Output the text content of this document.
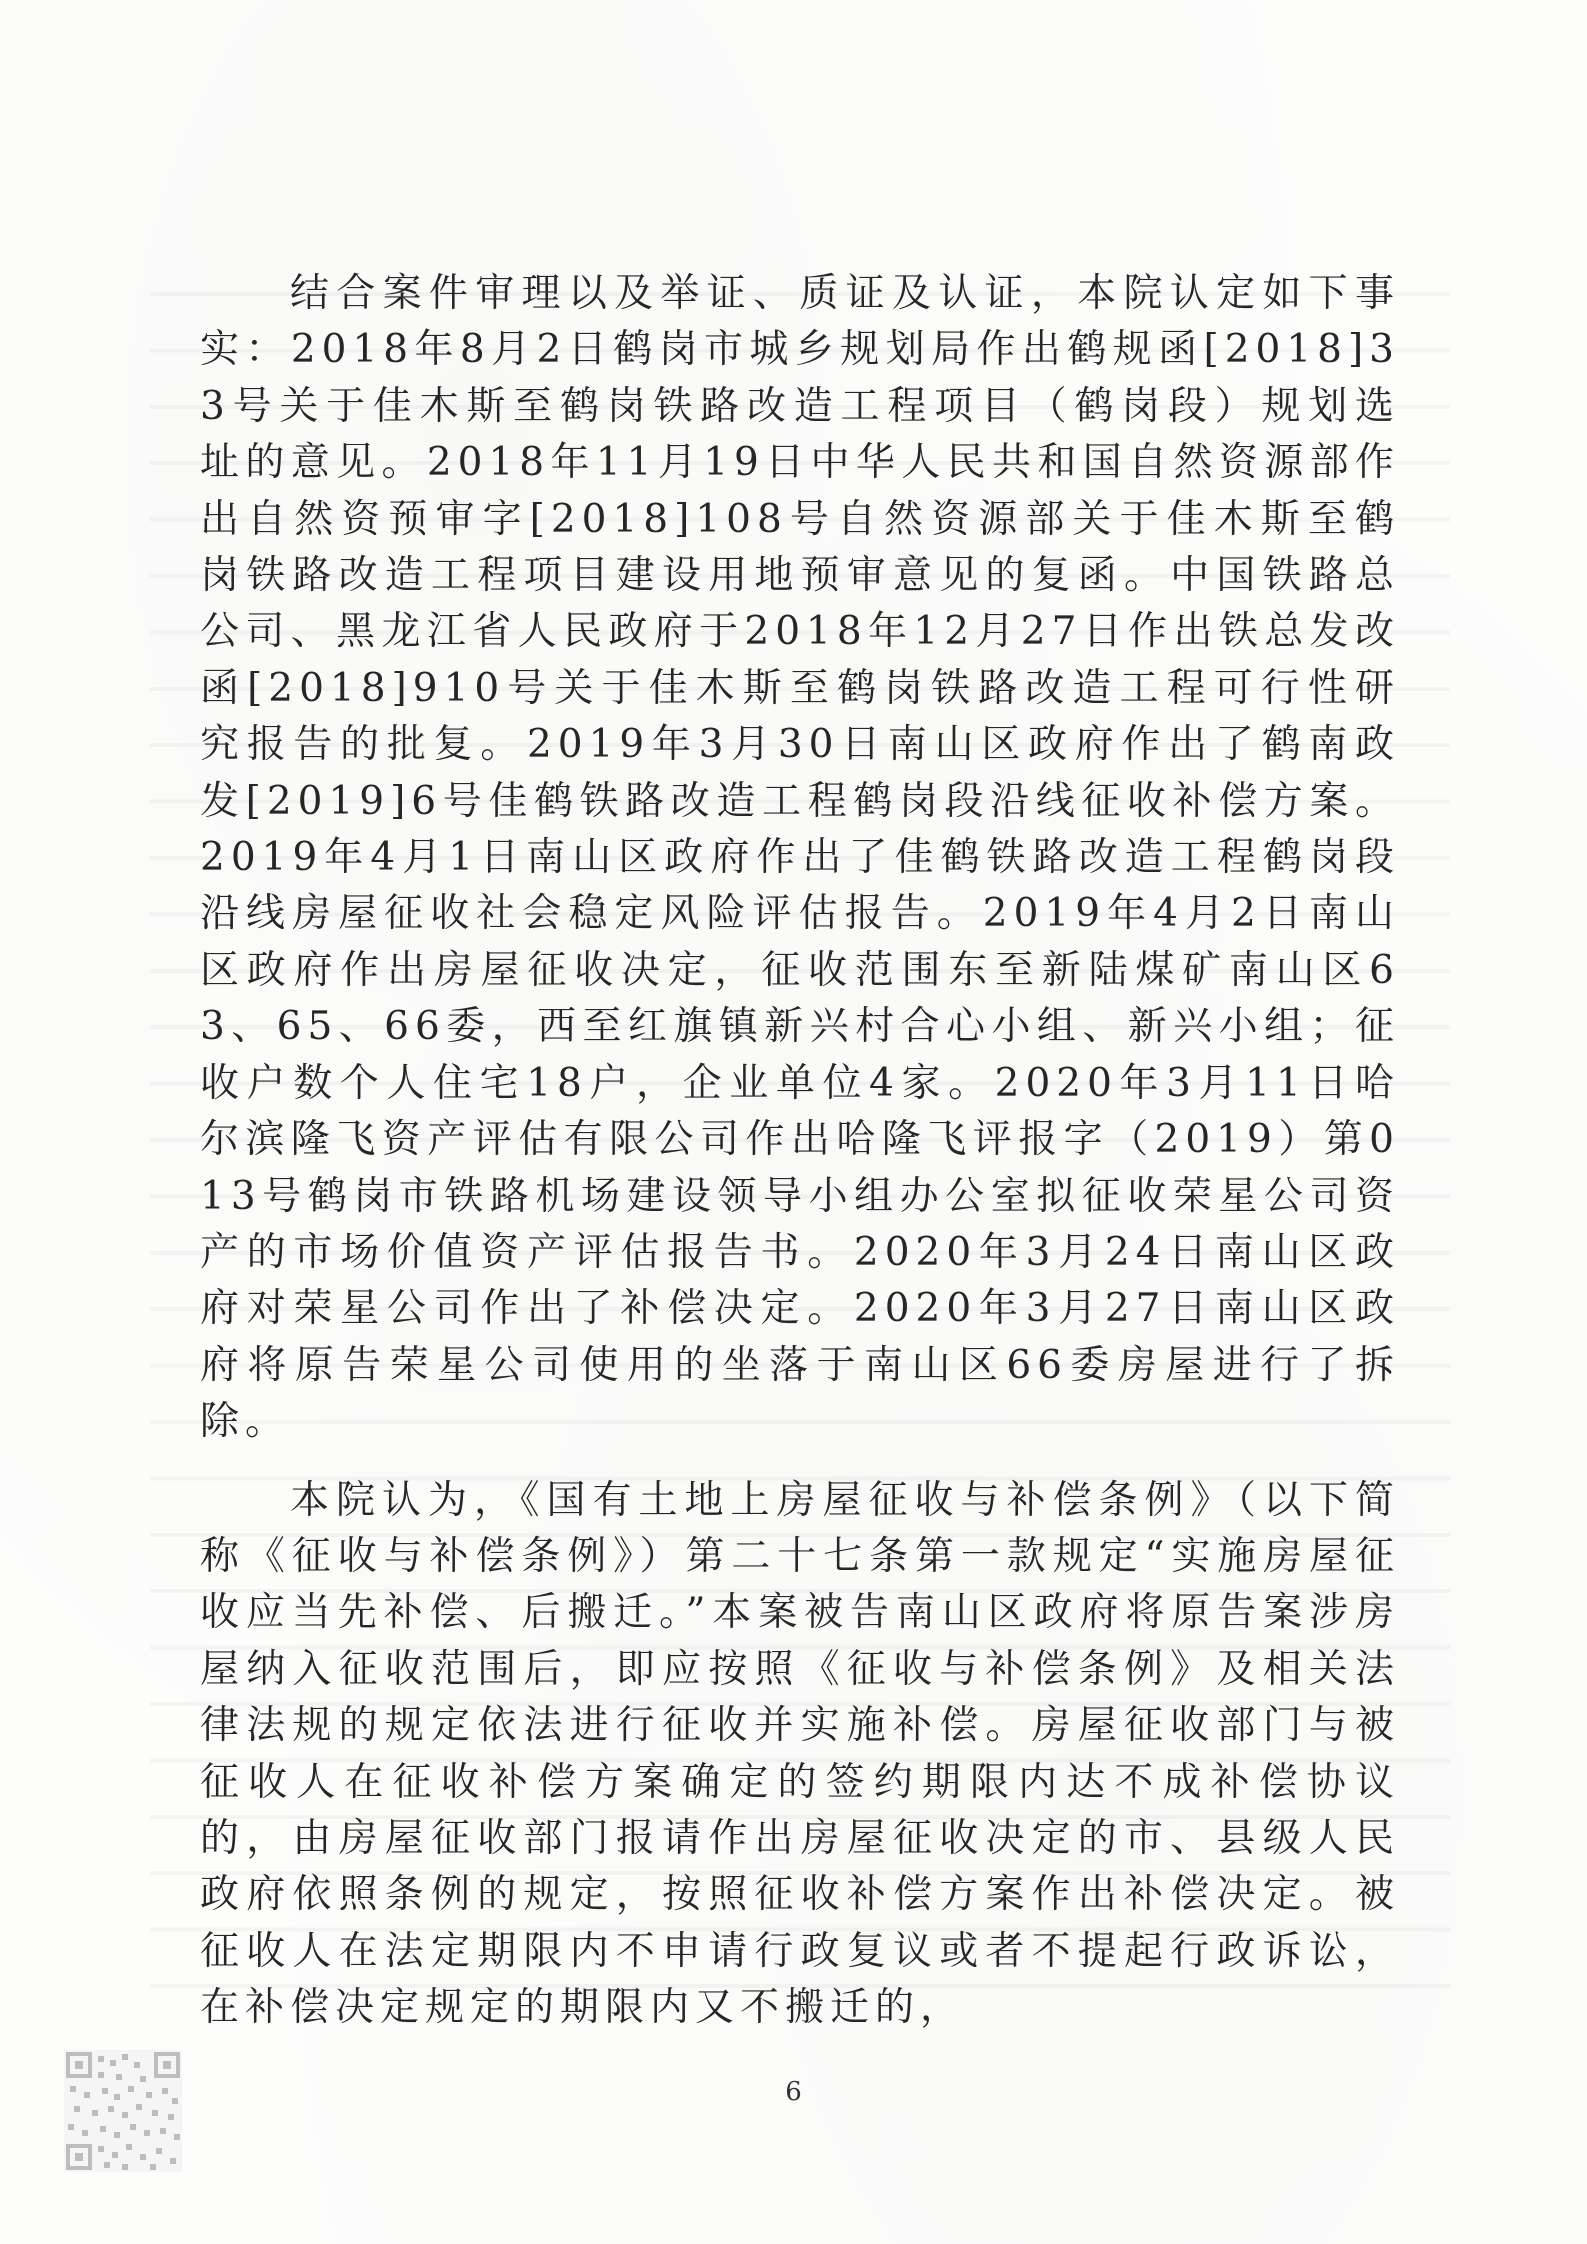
结合案件审理以及举证、质证及认证，本院认定如下事实：2018年8月2日鹤岗市城乡规划局作出鹤规函[2018]33号关于佳木斯至鹤岗铁路改造工程项目（鹤岗段）规划选址的意见。2018年11月19日中华人民共和国自然资源部作出自然资预审字[2018]108号自然资源部关于佳木斯至鹤岗铁路改造工程项目建设用地预审意见的复函。中国铁路总公司、黑龙江省人民政府于2018年12月27日作出铁总发改函[2018]910号关于佳木斯至鹤岗铁路改造工程可行性研究报告的批复。2019年3月30日南山区政府作出了鹤南政发[2019]6号佳鹤铁路改造工程鹤岗段沿线征收补偿方案。2019年4月1日南山区政府作出了佳鹤铁路改造工程鹤岗段沿线房屋征收社会稳定风险评估报告。2019年4月2日南山区政府作出房屋征收决定，征收范围东至新陆煤矿南山区63、65、66委，西至红旗镇新兴村合心小组、新兴小组；征收户数个人住宅18户，企业单位4家。2020年3月11日哈尔滨隆飞资产评估有限公司作出哈隆飞评报字（2019）第013号鹤岗市铁路机场建设领导小组办公室拟征收荣星公司资产的市场价值资产评估报告书。2020年3月24日南山区政府对荣星公司作出了补偿决定。2020年3月27日南山区政府将原告荣星公司使用的坐落于南山区66委房屋进行了拆除。

本院认为，《国有土地上房屋征收与补偿条例》（以下简称《征收与补偿条例》）第二十七条第一款规定“实施房屋征收应当先补偿、后搬迁。”本案被告南山区政府将原告案涉房屋纳入征收范围后，即应按照《征收与补偿条例》及相关法律法规的规定依法进行征收并实施补偿。房屋征收部门与被征收人在征收补偿方案确定的签约期限内达不成补偿协议的，由房屋征收部门报请作出房屋征收决定的市、县级人民政府依照条例的规定，按照征收补偿方案作出补偿决定。被征收人在法定期限内不申请行政复议或者不提起行政诉讼，在补偿决定规定的期限内又不搬迁的，

6
